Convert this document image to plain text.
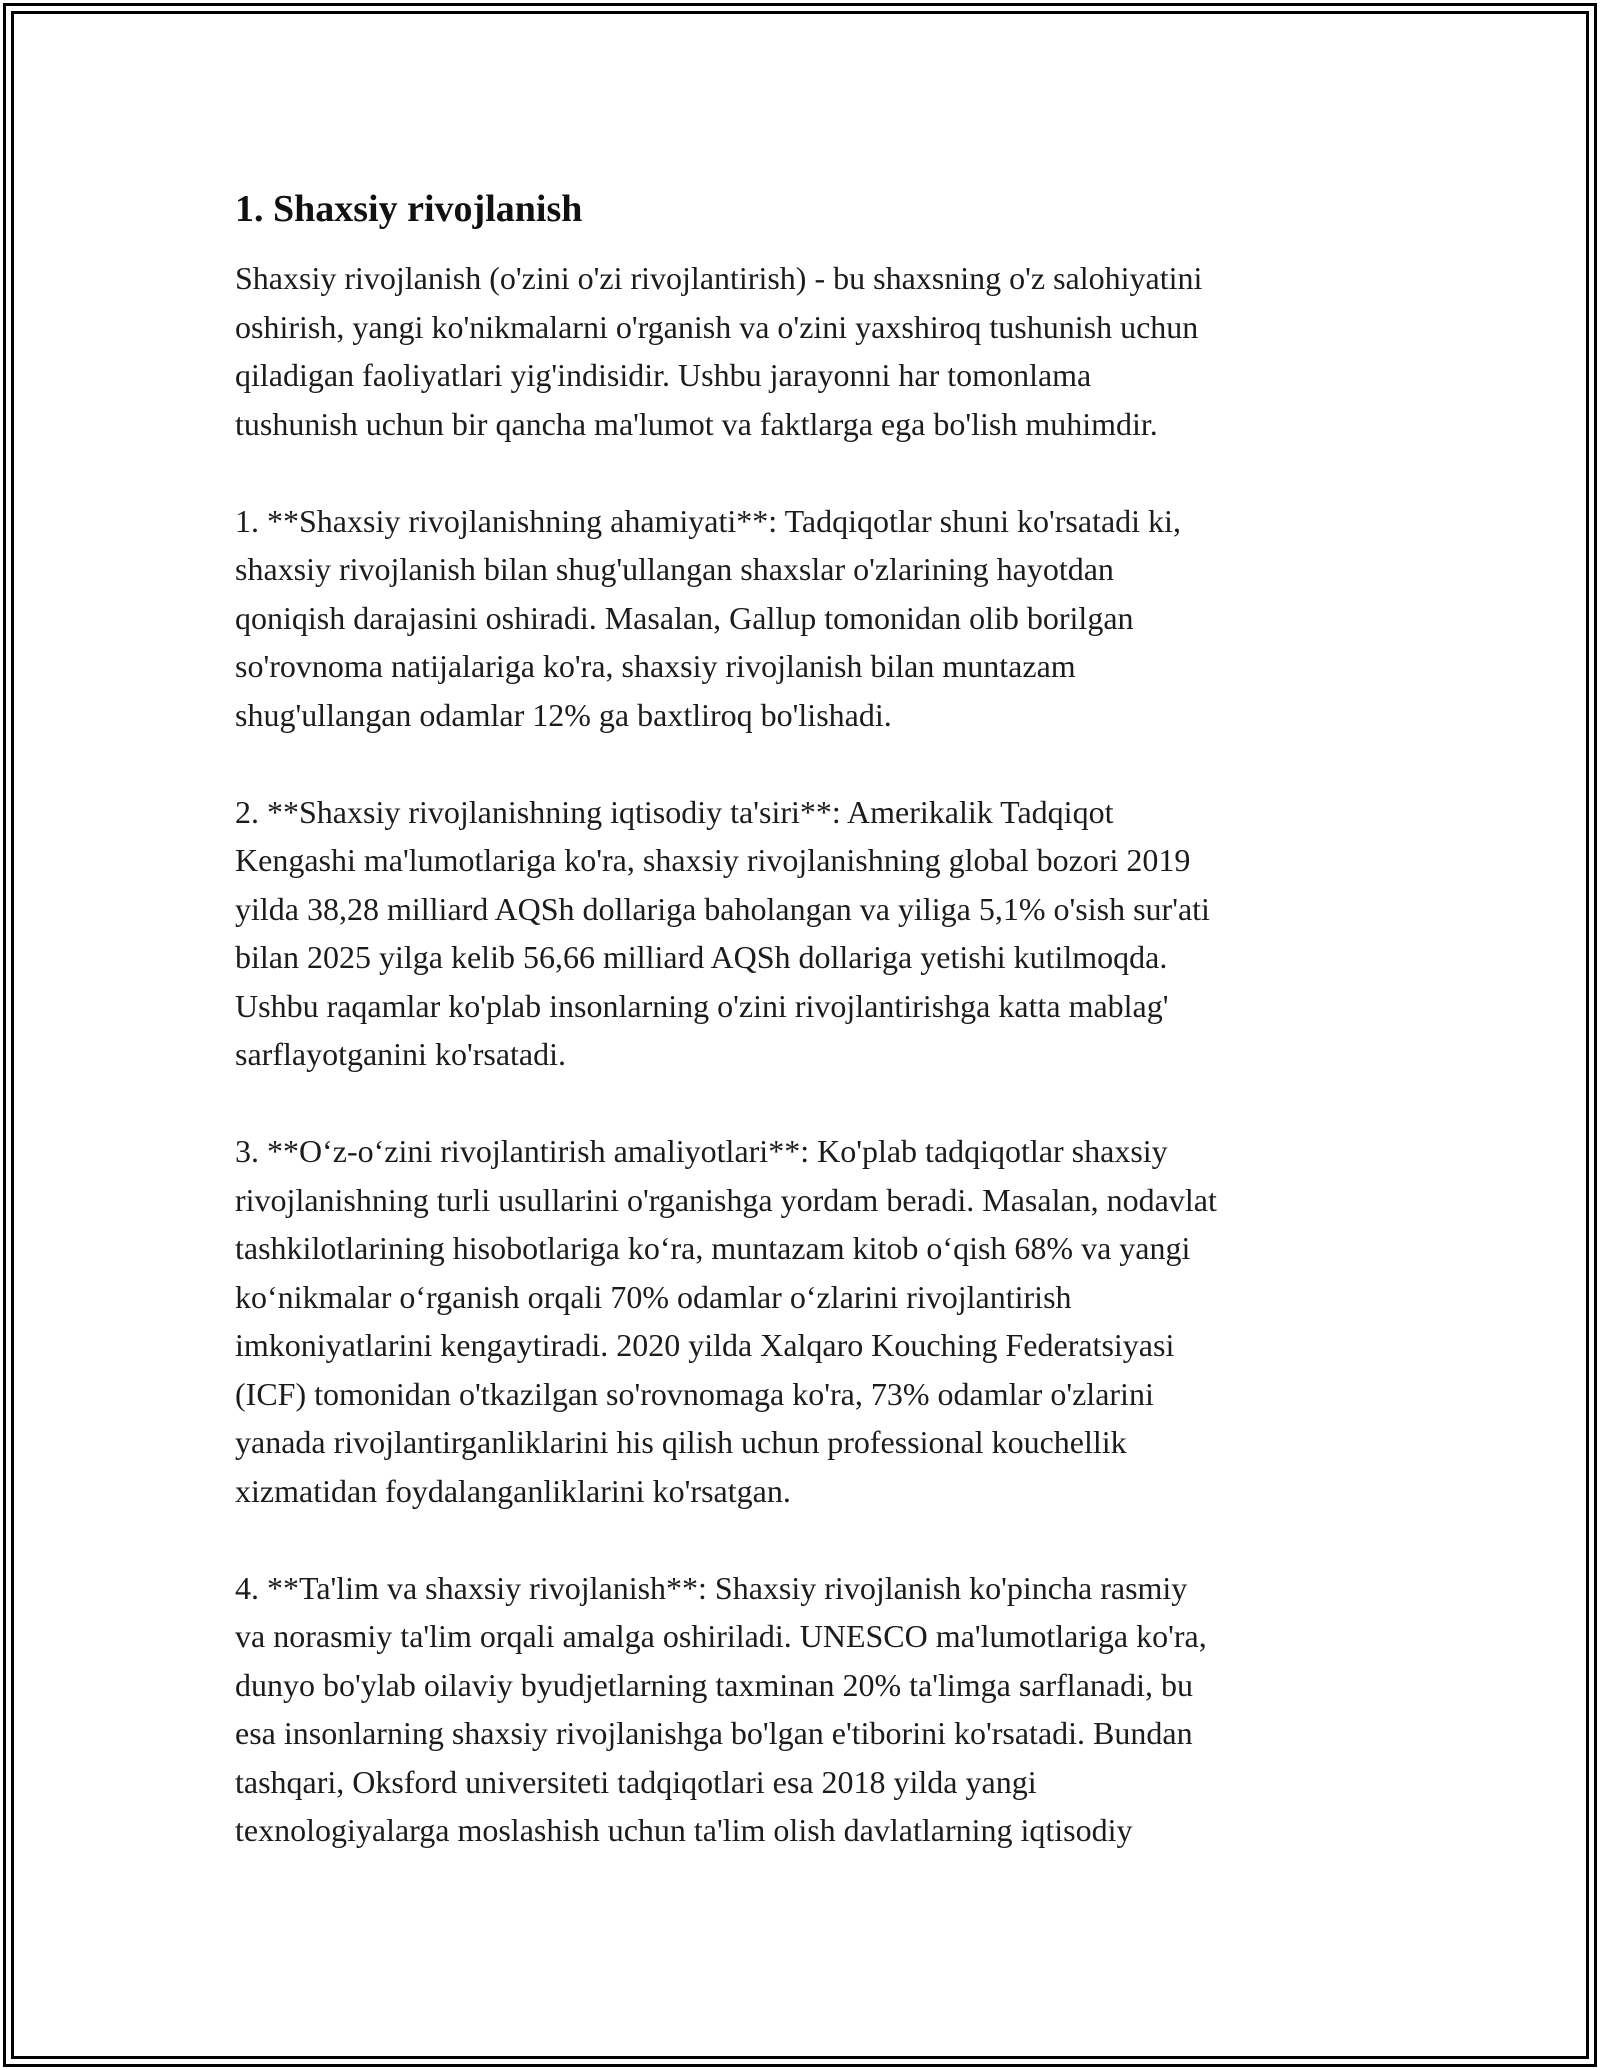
1. Shaxsiy rivojlanish

Shaxsiy rivojlanish (o'zini o'zi rivojlantirish) - bu shaxsning o'z salohiyatini
oshirish, yangi ko'nikmalarni o'rganish va o'zini yaxshiroq tushunish uchun
qiladigan faoliyatlari yig'indisidir. Ushbu jarayonni har tomonlama
tushunish uchun bir qancha ma'lumot va faktlarga ega bo'lish muhimdir.

1. **Shaxsiy rivojlanishning ahamiyati**: Tadqiqotlar shuni ko'rsatadi ki,
shaxsiy rivojlanish bilan shug'ullangan shaxslar o'zlarining hayotdan
qoniqish darajasini oshiradi. Masalan, Gallup tomonidan olib borilgan
so'rovnoma natijalariga ko'ra, shaxsiy rivojlanish bilan muntazam
shug'ullangan odamlar 12% ga baxtliroq bo'lishadi.

2. **Shaxsiy rivojlanishning iqtisodiy ta'siri**: Amerikalik Tadqiqot
Kengashi ma'lumotlariga ko'ra, shaxsiy rivojlanishning global bozori 2019
yilda 38,28 milliard AQSh dollariga baholangan va yiliga 5,1% o'sish sur'ati
bilan 2025 yilga kelib 56,66 milliard AQSh dollariga yetishi kutilmoqda.
Ushbu raqamlar ko'plab insonlarning o'zini rivojlantirishga katta mablag'
sarflayotganini ko'rsatadi.

3. **O‘z-o‘zini rivojlantirish amaliyotlari**: Ko'plab tadqiqotlar shaxsiy
rivojlanishning turli usullarini o'rganishga yordam beradi. Masalan, nodavlat
tashkilotlarining hisobotlariga ko‘ra, muntazam kitob o‘qish 68% va yangi
ko‘nikmalar o‘rganish orqali 70% odamlar o‘zlarini rivojlantirish
imkoniyatlarini kengaytiradi. 2020 yilda Xalqaro Kouching Federatsiyasi
(ICF) tomonidan o'tkazilgan so'rovnomaga ko'ra, 73% odamlar o'zlarini
yanada rivojlantirganliklarini his qilish uchun professional kouchellik
xizmatidan foydalanganliklarini ko'rsatgan.

4. **Ta'lim va shaxsiy rivojlanish**: Shaxsiy rivojlanish ko'pincha rasmiy
va norasmiy ta'lim orqali amalga oshiriladi. UNESCO ma'lumotlariga ko'ra,
dunyo bo'ylab oilaviy byudjetlarning taxminan 20% ta'limga sarflanadi, bu
esa insonlarning shaxsiy rivojlanishga bo'lgan e'tiborini ko'rsatadi. Bundan
tashqari, Oksford universiteti tadqiqotlari esa 2018 yilda yangi
texnologiyalarga moslashish uchun ta'lim olish davlatlarning iqtisodiy
